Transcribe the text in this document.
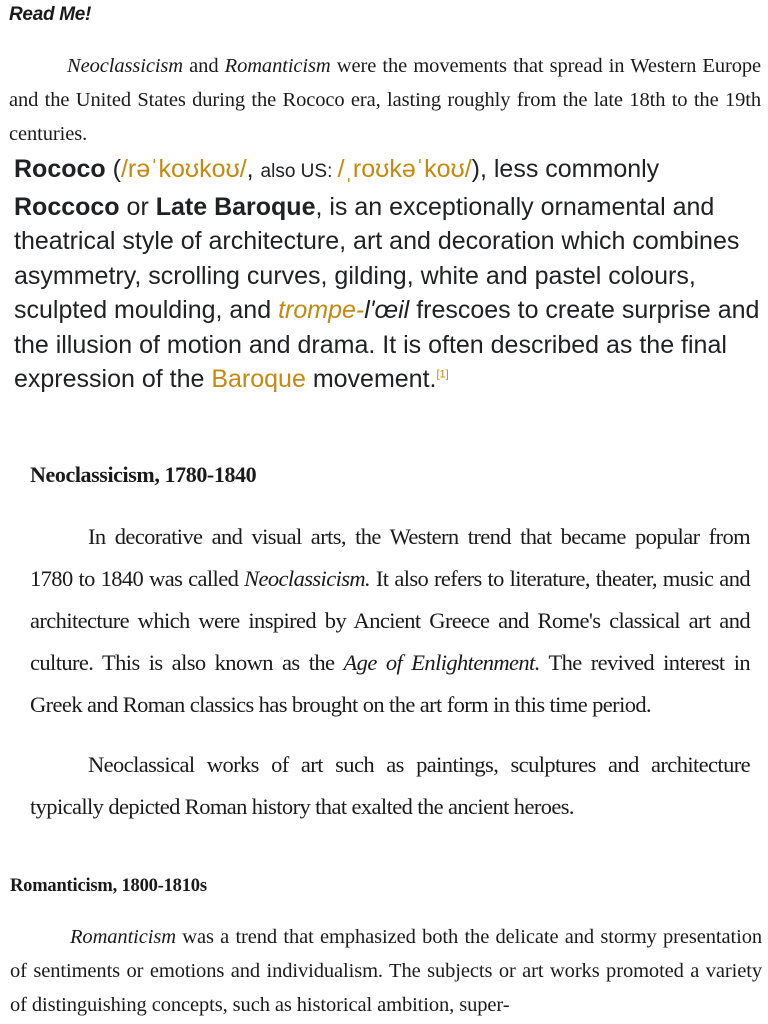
Read Me!

Neoclassicism and Romanticism were the movements that spread in Western Europe and the United States during the Rococo era, lasting roughly from the late 18th to the 19th centuries.

Rococo (/rəˈkoʊkoʊ/, also US: /ˌroʊkəˈkoʊ/), less commonly Roccoco or Late Baroque, is an exceptionally ornamental and theatrical style of architecture, art and decoration which combines asymmetry, scrolling curves, gilding, white and pastel colours, sculpted moulding, and trompe-l'œil frescoes to create surprise and the illusion of motion and drama. It is often described as the final expression of the Baroque movement.[1]

Neoclassicism, 1780-1840

In decorative and visual arts, the Western trend that became popular from 1780 to 1840 was called Neoclassicism. It also refers to literature, theater, music and architecture which were inspired by Ancient Greece and Rome's classical art and culture. This is also known as the Age of Enlightenment. The revived interest in Greek and Roman classics has brought on the art form in this time period.

Neoclassical works of art such as paintings, sculptures and architecture typically depicted Roman history that exalted the ancient heroes.

Romanticism, 1800-1810s

Romanticism was a trend that emphasized both the delicate and stormy presentation of sentiments or emotions and individualism. The subjects or art works promoted a variety of distinguishing concepts, such as historical ambition, super-
